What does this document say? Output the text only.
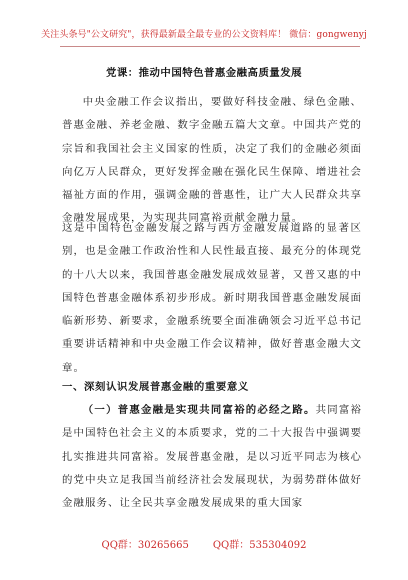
关注头条号"公文研究"，获得最新最全最专业的公文资料库！ 微信：gongwenyj
党课：推动中国特色普惠金融高质量发展

中央金融工作会议指出，要做好科技金融、绿色金融、普惠金融、养老金融、数字金融五篇大文章。中国共产党的宗旨和我国社会主义国家的性质，决定了我们的金融必须面向亿万人民群众，更好发挥金融在强化民生保障、增进社会福祉方面的作用，强调金融的普惠性，让广大人民群众共享金融发展成果，为实现共同富裕贡献金融力量。

这是中国特色金融发展之路与西方金融发展道路的显著区别，也是金融工作政治性和人民性最直接、最充分的体现党的十八大以来，我国普惠金融发展成效显著，又普又惠的中国特色普惠金融体系初步形成。新时期我国普惠金融发展面临新形势、新要求，金融系统要全面准确领会习近平总书记重要讲话精神和中央金融工作会议精神，做好普惠金融大文章。

一、深刻认识发展普惠金融的重要意义

（一）普惠金融是实现共同富裕的必经之路。共同富裕是中国特色社会主义的本质要求，党的二十大报告中强调要扎实推进共同富裕。发展普惠金融，是以习近平同志为核心的党中央立足我国当前经济社会发展现状，为弱势群体做好金融服务、让全民共享金融发展成果的重大国家

QQ群：30265665 QQ群：535304092
